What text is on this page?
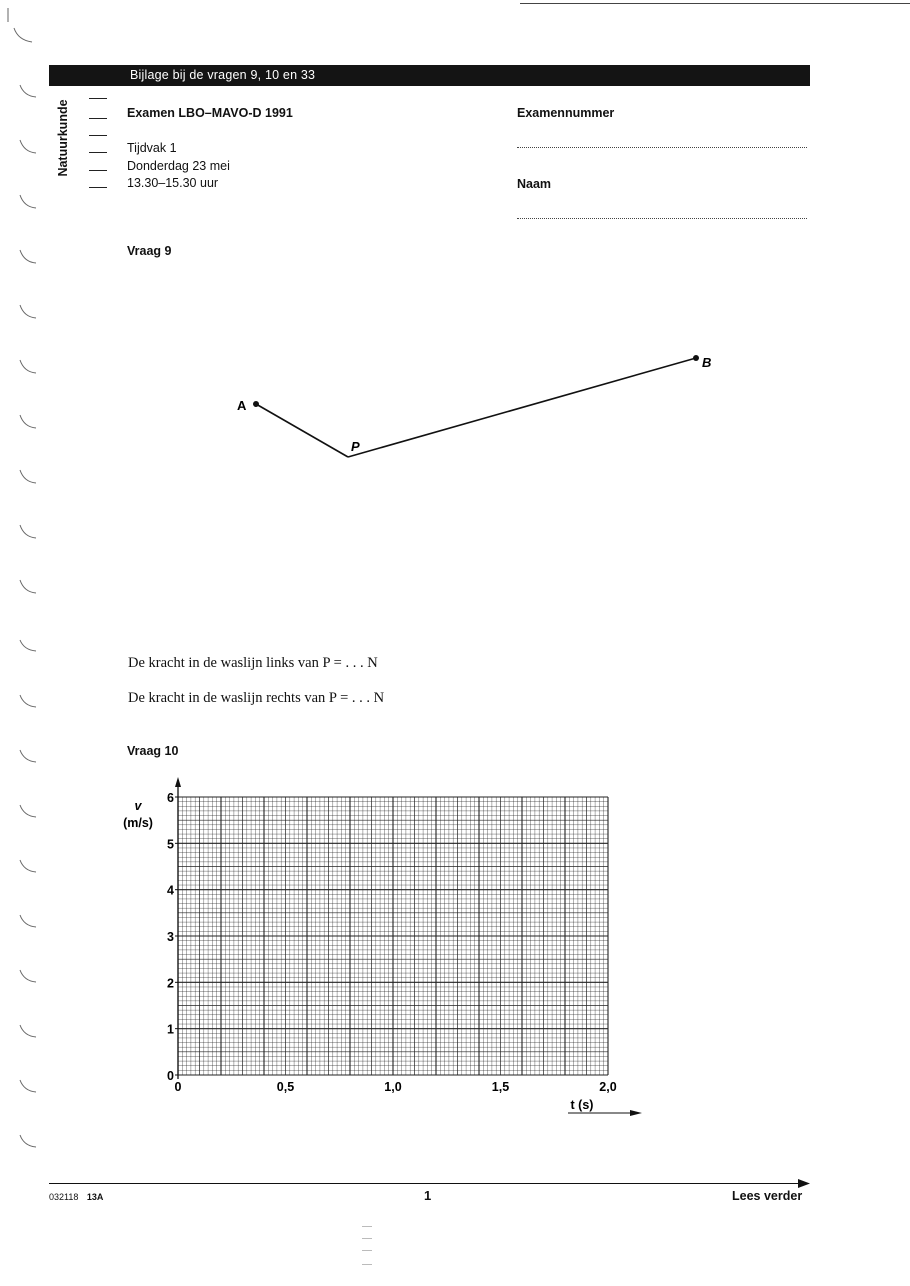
Bijlage bij de vragen 9, 10 en 33
Natuurkunde	Examen LBO–MAVO-D 1991
Tijdvak 1
Donderdag 23 mei
13.30–15.30 uur
Examennummer
Naam
Vraag 9
A
P
B
De kracht in de waslijn links van P = . . . N
De kracht in de waslijn rechts van P = . . . N
Vraag 10
0
1
2
3
4
5
6
0	0,5	1,0	1,5	2,0
v
(m/s)
t (s)
032118 13A	1	Lees verder
